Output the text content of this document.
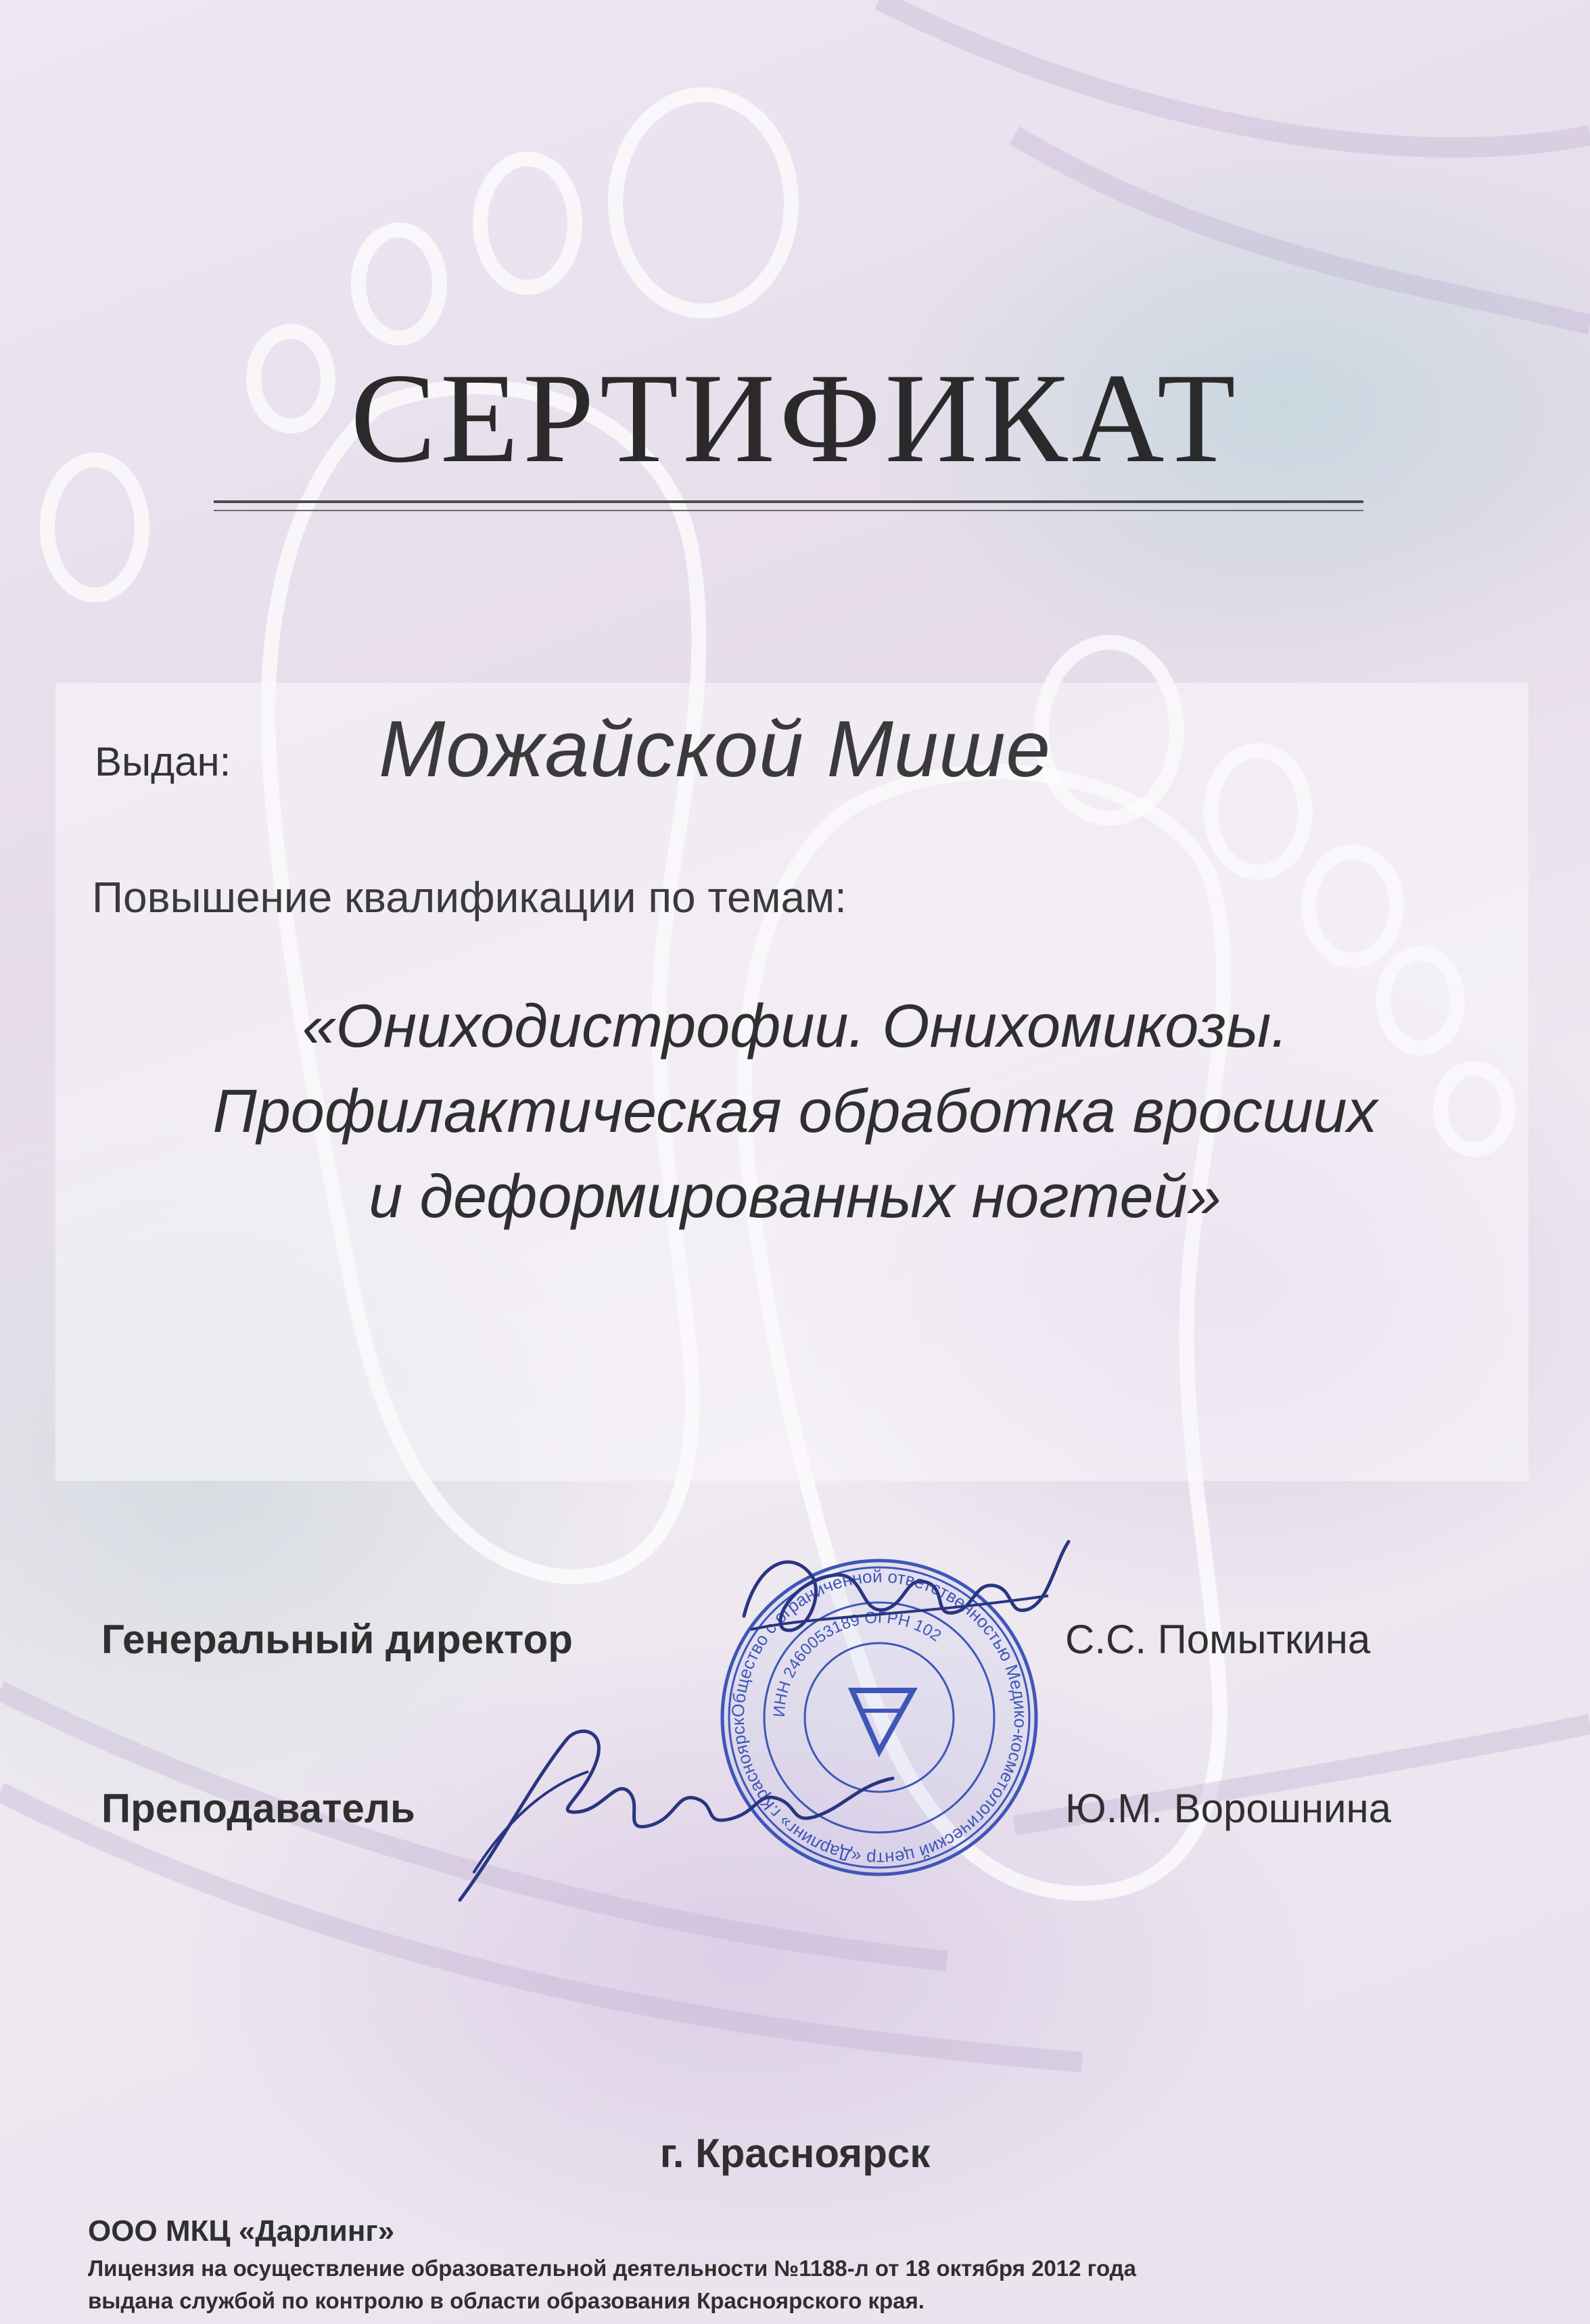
СЕРТИФИКАТ
Выдан: Можайской Мише
Повышение квалификации по темам:
«Ониходистрофии. Онихомикозы.
Профилактическая обработка вросших
и деформированных ногтей»
Общество с ограниченной ответственностью Медико-косметологический центр «Дарлинг» г.Красноярск
ИНН 2460053189 ОГРН 102
Генеральный директор	С.С. Помыткина
Преподаватель	Ю.М. Ворошнина
г. Красноярск
ООО МКЦ «Дарлинг»
Лицензия на осуществление образовательной деятельности №1188-л от 18 октября 2012 года
выдана службой по контролю в области образования Красноярского края.
